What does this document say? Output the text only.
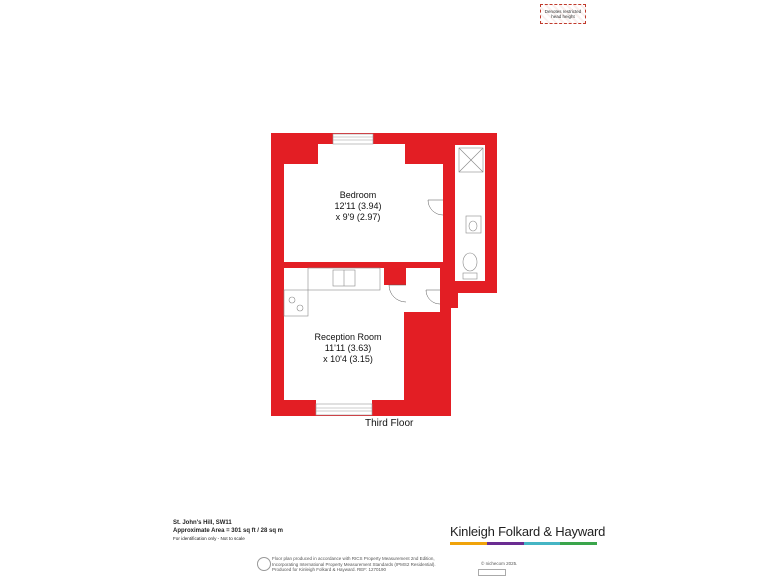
Denotes restricted
head height
Bedroom
12'11 (3.94)
x 9'9 (2.97)
Reception Room
11'11 (3.63)
x 10'4 (3.15)
Third Floor
St. John's Hill, SW11
Approximate Area = 301 sq ft / 28 sq m
For identification only - Not to scale	Kinleigh Folkard & Hayward
Floor plan produced in accordance with RICS Property Measurement 2nd Edition,
Incorporating International Property Measurement Standards (IPMS2 Residential).
Produced for Kinleigh Folkard & Hayward. REF: 1270190
© nichecom 2025.
